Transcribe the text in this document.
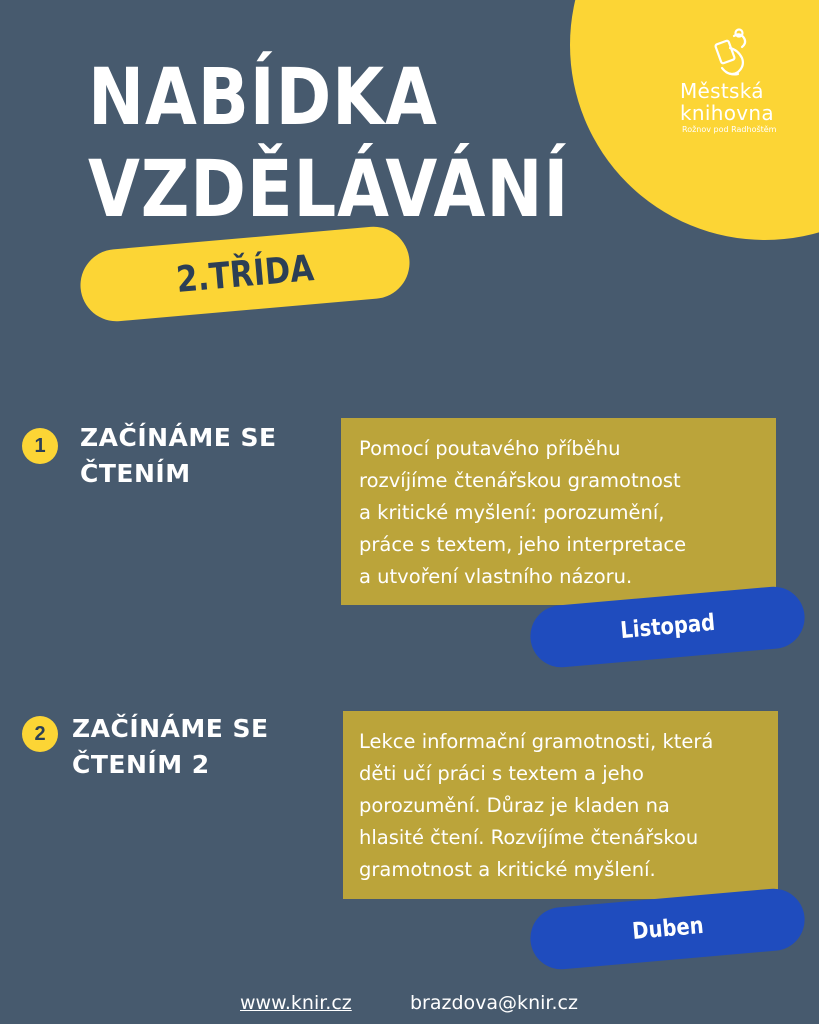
Městská
knihovna
Rožnov pod Radhoštěm
NABÍDKA
VZDĚLÁVÁNÍ
2.TŘÍDA
1	ZAČÍNÁME SE
ČTENÍM
Pomocí poutavého příběhu
rozvíjíme čtenářskou gramotnost
a kritické myšlení: porozumění,
práce s textem, jeho interpretace
a utvoření vlastního názoru.
Listopad
2	ZAČÍNÁME SE
ČTENÍM 2
Lekce informační gramotnosti, která
děti učí práci s textem a jeho
porozumění. Důraz je kladen na
hlasité čtení. Rozvíjíme čtenářskou
gramotnost a kritické myšlení.
Duben
www.knir.cz	brazdova@knir.cz
